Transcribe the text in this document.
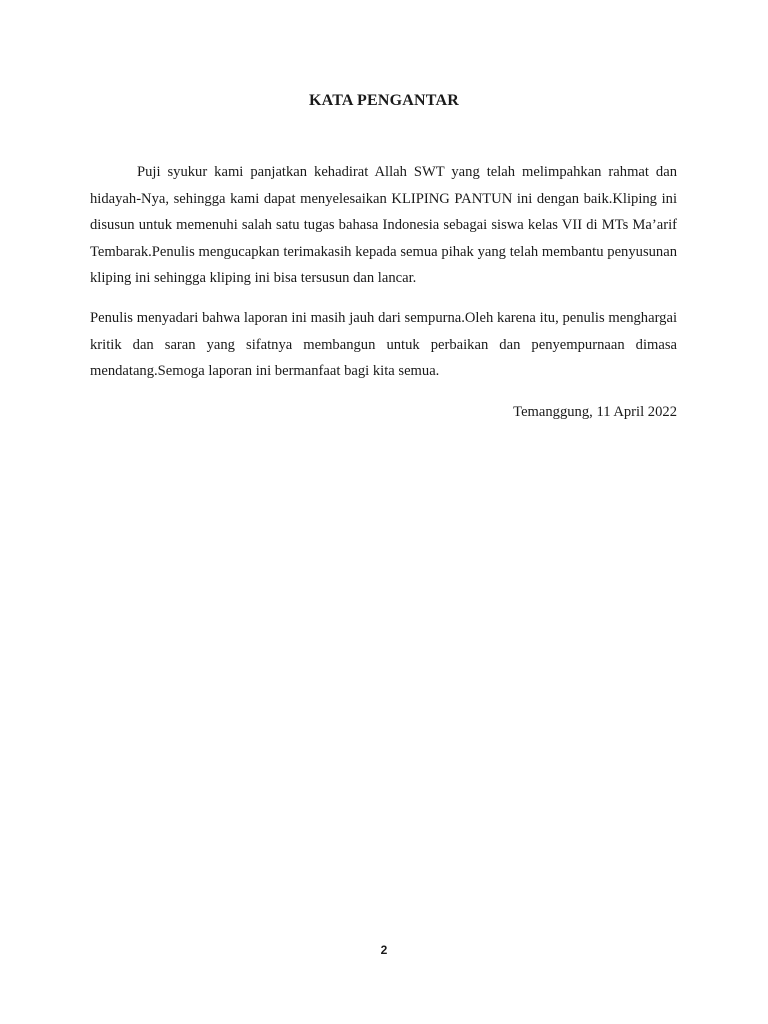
KATA PENGANTAR

Puji syukur kami panjatkan kehadirat Allah SWT yang telah melimpahkan rahmat dan hidayah-Nya, sehingga kami dapat menyelesaikan KLIPING PANTUN ini dengan baik.Kliping ini disusun untuk memenuhi salah satu tugas bahasa Indonesia sebagai siswa kelas VII di MTs Ma’arif Tembarak.Penulis mengucapkan terimakasih kepada semua pihak yang telah membantu penyusunan kliping ini sehingga kliping ini bisa tersusun dan lancar.

Penulis menyadari bahwa laporan ini masih jauh dari sempurna.Oleh karena itu, penulis menghargai kritik dan saran yang sifatnya membangun untuk perbaikan dan penyempurnaan dimasa mendatang.Semoga laporan ini bermanfaat bagi kita semua.

Temanggung, 11 April 2022

2
